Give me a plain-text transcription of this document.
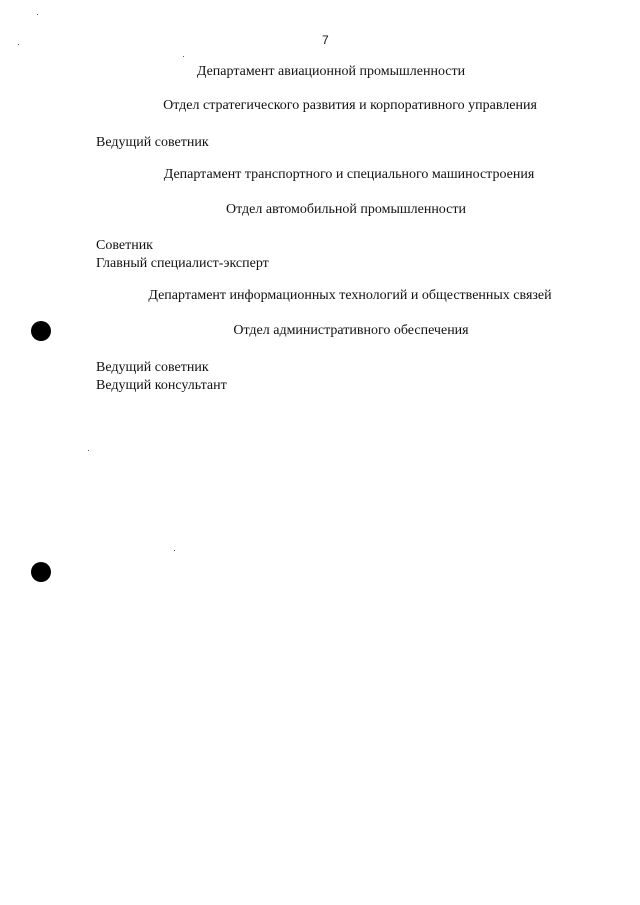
7
Департамент авиационной промышленности
Отдел стратегического развития и корпоративного управления
Ведущий советник
Департамент транспортного и специального машиностроения
Отдел автомобильной промышленности
Советник
Главный специалист-эксперт
Департамент информационных технологий и общественных связей
Отдел административного обеспечения
Ведущий советник
Ведущий консультант
